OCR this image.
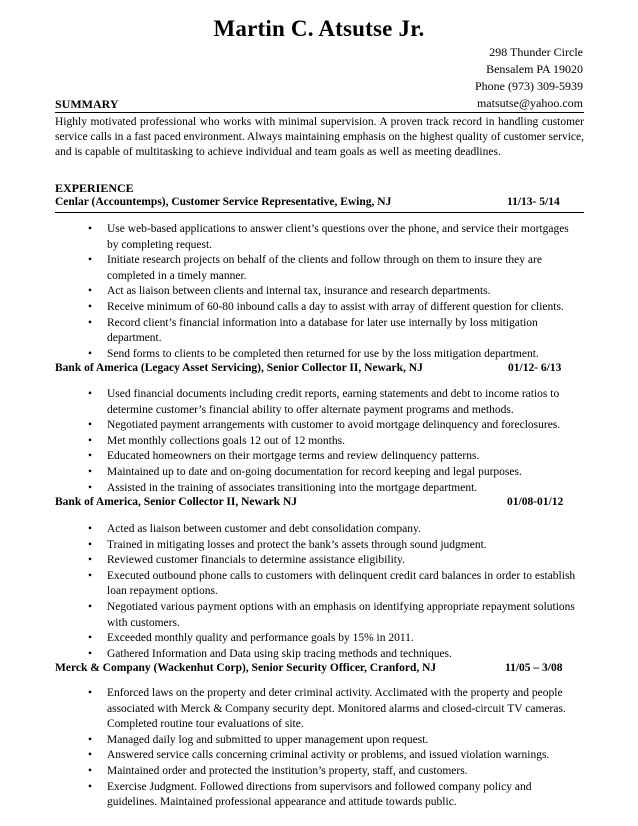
Martin C. Atsutse Jr.
298 Thunder Circle
Bensalem PA 19020
Phone (973) 309-5939
matsutse@yahoo.com
SUMMARY
Highly motivated professional who works with minimal supervision. A proven track record in handling customer service calls in a fast paced environment. Always maintaining emphasis on the highest quality of customer service, and is capable of multitasking to achieve individual and team goals as well as meeting deadlines.
EXPERIENCE
Cenlar (Accountemps), Customer Service Representative, Ewing, NJ	11/13- 5/14
• Use web-based applications to answer client’s questions over the phone, and service their mortgages by completing request.
• Initiate research projects on behalf of the clients and follow through on them to insure they are completed in a timely manner.
• Act as liaison between clients and internal tax, insurance and research departments.
• Receive minimum of 60-80 inbound calls a day to assist with array of different question for clients.
• Record client’s financial information into a database for later use internally by loss mitigation department.
• Send forms to clients to be completed then returned for use by the loss mitigation department.
Bank of America (Legacy Asset Servicing), Senior Collector II, Newark, NJ	01/12- 6/13
• Used financial documents including credit reports, earning statements and debt to income ratios to determine customer’s financial ability to offer alternate payment programs and methods.
• Negotiated payment arrangements with customer to avoid mortgage delinquency and foreclosures.
• Met monthly collections goals 12 out of 12 months.
• Educated homeowners on their mortgage terms and review delinquency patterns.
• Maintained up to date and on-going documentation for record keeping and legal purposes.
• Assisted in the training of associates transitioning into the mortgage department.
Bank of America, Senior Collector II, Newark NJ	01/08-01/12
• Acted as liaison between customer and debt consolidation company.
• Trained in mitigating losses and protect the bank’s assets through sound judgment.
• Reviewed customer financials to determine assistance eligibility.
• Executed outbound phone calls to customers with delinquent credit card balances in order to establish loan repayment options.
• Negotiated various payment options with an emphasis on identifying appropriate repayment solutions with customers.
• Exceeded monthly quality and performance goals by 15% in 2011.
• Gathered Information and Data using skip tracing methods and techniques.
Merck & Company (Wackenhut Corp), Senior Security Officer, Cranford, NJ	11/05 – 3/08
• Enforced laws on the property and deter criminal activity. Acclimated with the property and people associated with Merck & Company security dept. Monitored alarms and closed-circuit TV cameras. Completed routine tour evaluations of site.
• Managed daily log and submitted to upper management upon request.
• Answered service calls concerning criminal activity or problems, and issued violation warnings.
• Maintained order and protected the institution’s property, staff, and customers.
• Exercise Judgment. Followed directions from supervisors and followed company policy and guidelines. Maintained professional appearance and attitude towards public.
